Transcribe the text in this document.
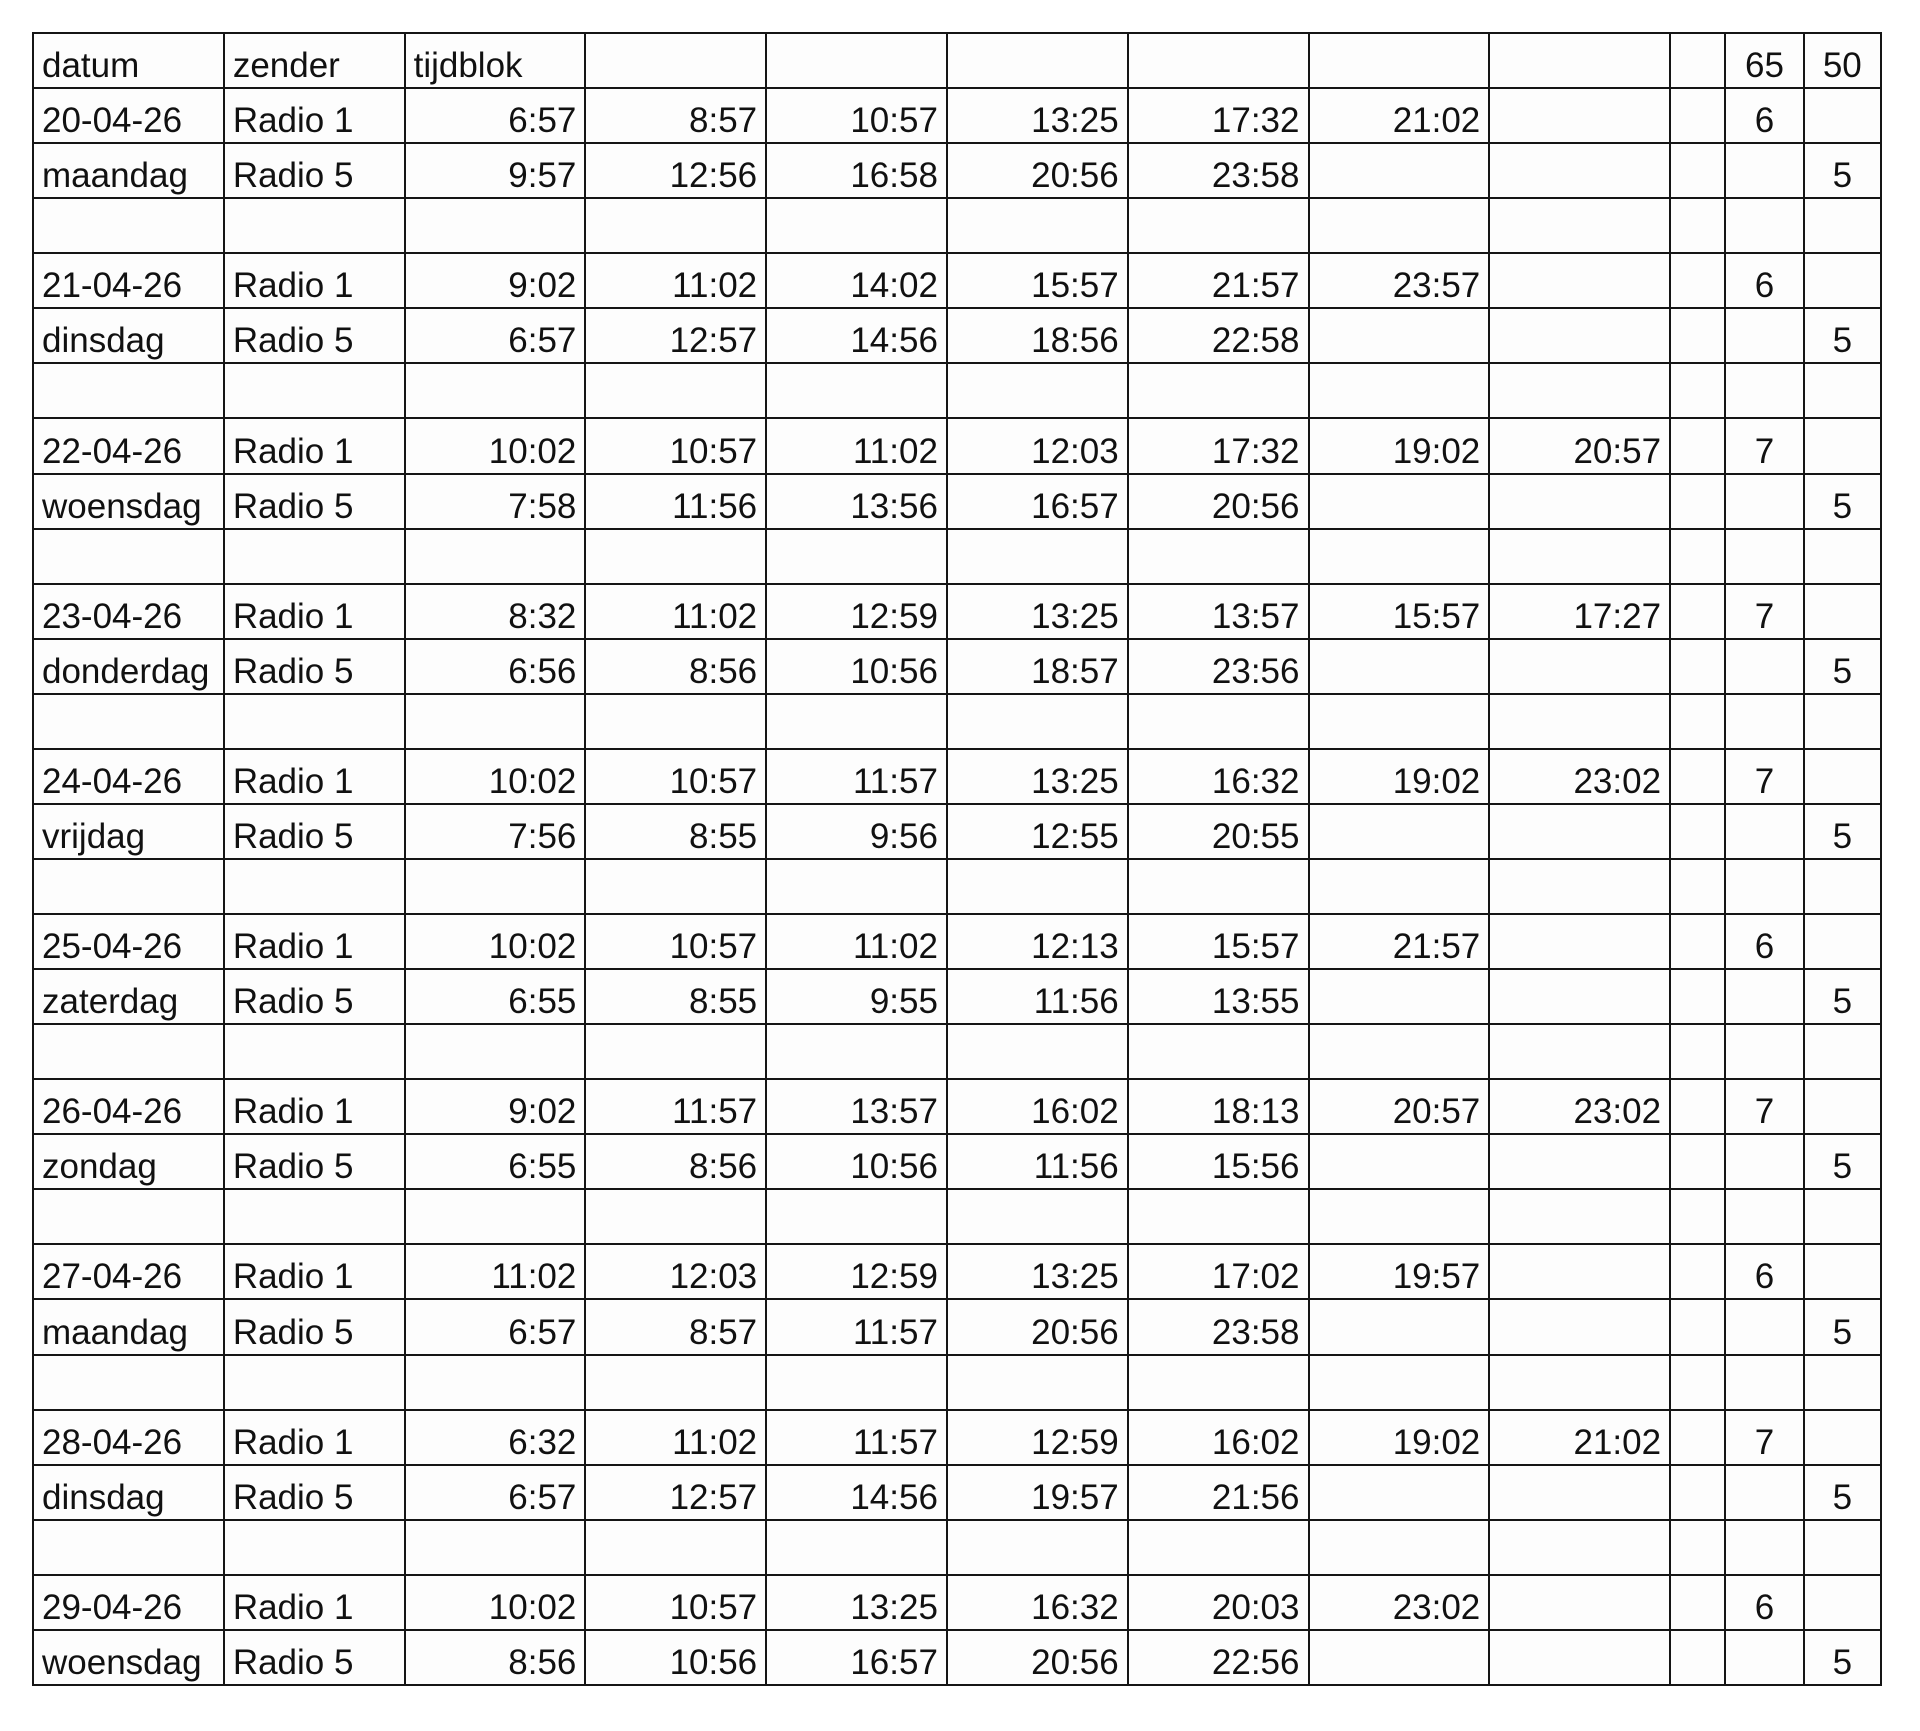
datum	zender	tijdblok								65	50
20-04-26	Radio 1	6:57	8:57	10:57	13:25	17:32	21:02			6	
maandag	Radio 5	9:57	12:56	16:58	20:56	23:58					5

21-04-26	Radio 1	9:02	11:02	14:02	15:57	21:57	23:57			6	
dinsdag	Radio 5	6:57	12:57	14:56	18:56	22:58					5

22-04-26	Radio 1	10:02	10:57	11:02	12:03	17:32	19:02	20:57		7	
woensdag	Radio 5	7:58	11:56	13:56	16:57	20:56					5

23-04-26	Radio 1	8:32	11:02	12:59	13:25	13:57	15:57	17:27		7	
donderdag	Radio 5	6:56	8:56	10:56	18:57	23:56					5

24-04-26	Radio 1	10:02	10:57	11:57	13:25	16:32	19:02	23:02		7	
vrijdag	Radio 5	7:56	8:55	9:56	12:55	20:55					5

25-04-26	Radio 1	10:02	10:57	11:02	12:13	15:57	21:57			6	
zaterdag	Radio 5	6:55	8:55	9:55	11:56	13:55					5

26-04-26	Radio 1	9:02	11:57	13:57	16:02	18:13	20:57	23:02		7	
zondag	Radio 5	6:55	8:56	10:56	11:56	15:56					5

27-04-26	Radio 1	11:02	12:03	12:59	13:25	17:02	19:57			6	
maandag	Radio 5	6:57	8:57	11:57	20:56	23:58					5

28-04-26	Radio 1	6:32	11:02	11:57	12:59	16:02	19:02	21:02		7	
dinsdag	Radio 5	6:57	12:57	14:56	19:57	21:56					5

29-04-26	Radio 1	10:02	10:57	13:25	16:32	20:03	23:02			6	
woensdag	Radio 5	8:56	10:56	16:57	20:56	22:56					5
